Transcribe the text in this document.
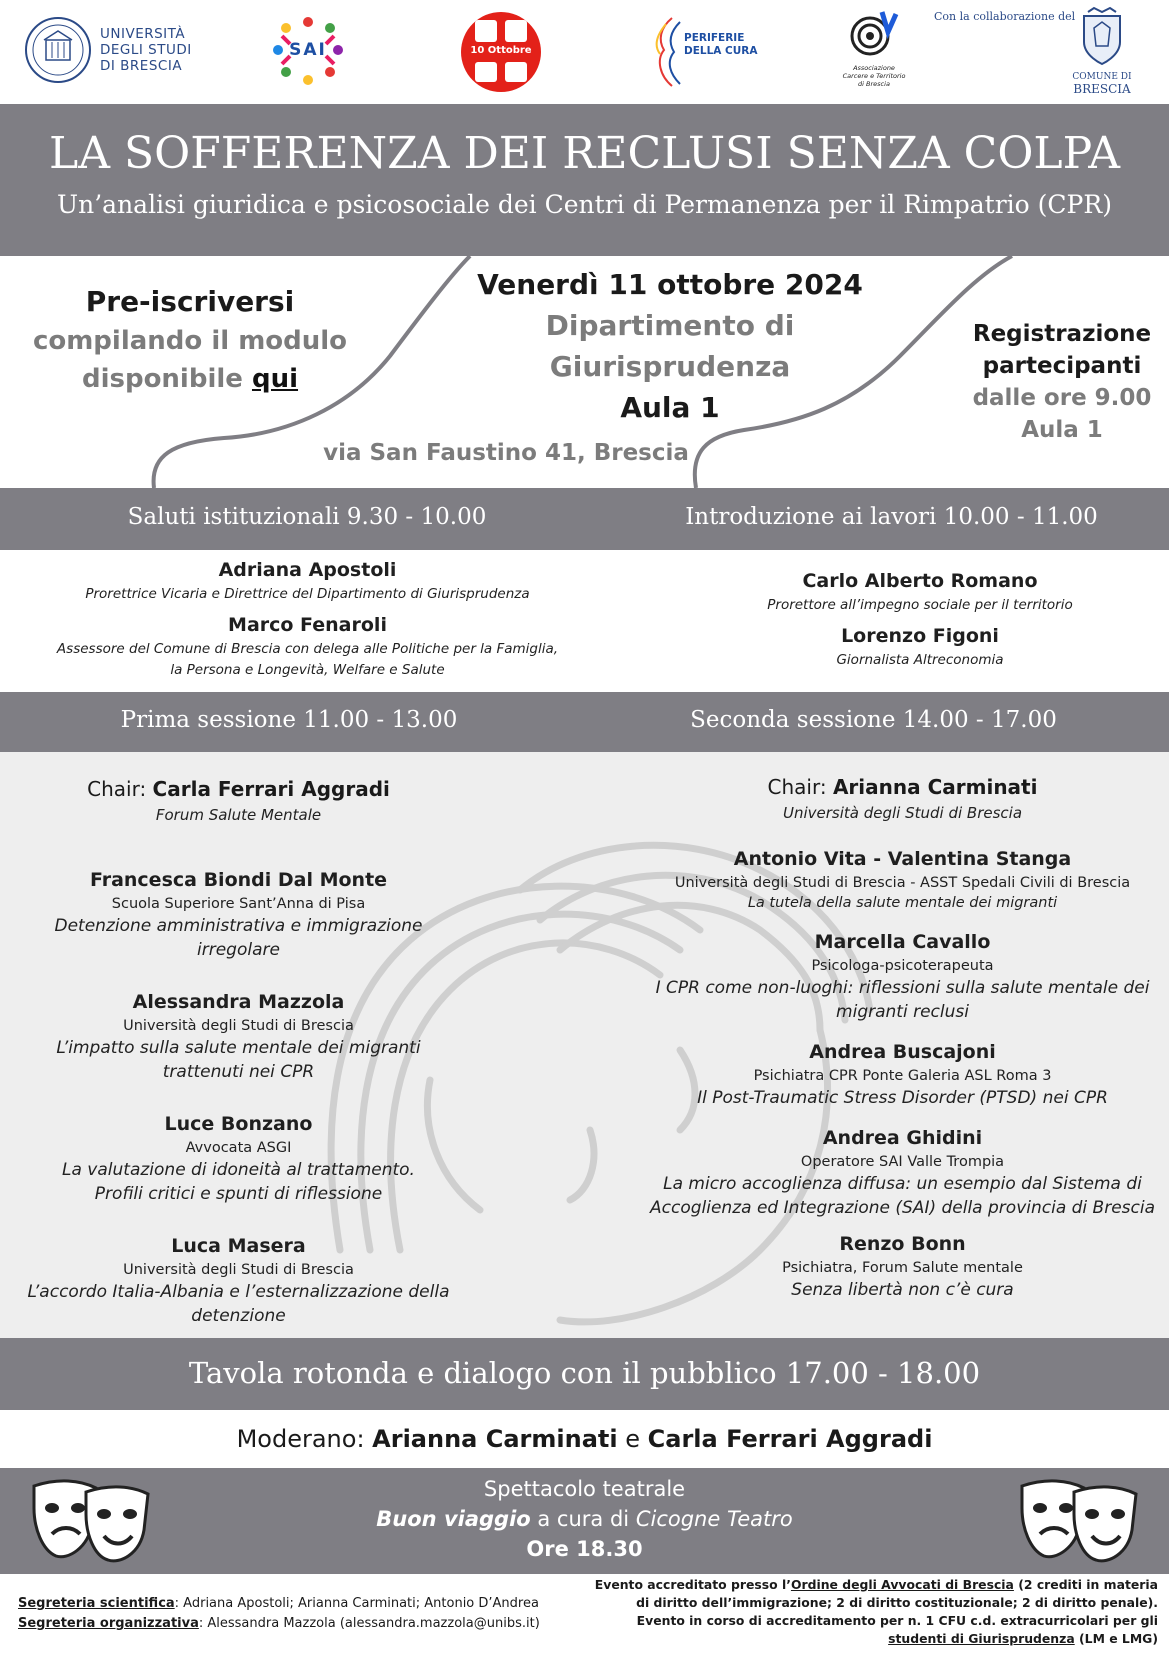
UNIVERSITÀ
DEGLI STUDI
DI BRESCIA
SAI	10 Ottobre
PERIFERIE
DELLA CURA
Associazione
Carcere e Territorio
di Brescia
Con la collaborazione del
COMUNE DI
BRESCIA
LA SOFFERENZA DEI RECLUSI SENZA COLPA
Un’analisi giuridica e psicosociale dei Centri di Permanenza per il Rimpatrio (CPR)
Pre-iscriversi
compilando il modulo
disponibile qui
Venerdì 11 ottobre 2024
Dipartimento di
Giurisprudenza
Aula 1
via San Faustino 41, Brescia
Registrazione
partecipanti
dalle ore 9.00
Aula 1
Saluti istituzionali 9.30 - 10.00	Introduzione ai lavori 10.00 - 11.00
Adriana Apostoli
Prorettrice Vicaria e Direttrice del Dipartimento di Giurisprudenza
Marco Fenaroli
Assessore del Comune di Brescia con delega alle Politiche per la Famiglia,
la Persona e Longevità, Welfare e Salute
Carlo Alberto Romano
Prorettore all’impegno sociale per il territorio
Lorenzo Figoni
Giornalista Altreconomia
Prima sessione 11.00 - 13.00	Seconda sessione 14.00 - 17.00
Chair: Carla Ferrari Aggradi
Forum Salute Mentale
Francesca Biondi Dal Monte
Scuola Superiore Sant’Anna di Pisa
Detenzione amministrativa e immigrazione irregolare
Alessandra Mazzola
Università degli Studi di Brescia
L’impatto sulla salute mentale dei migranti
trattenuti nei CPR
Luce Bonzano
Avvocata ASGI
La valutazione di idoneità al trattamento.
Profili critici e spunti di riflessione
Luca Masera
Università degli Studi di Brescia
L’accordo Italia-Albania e l’esternalizzazione della
detenzione
Chair: Arianna Carminati
Università degli Studi di Brescia
Antonio Vita - Valentina Stanga
Università degli Studi di Brescia - ASST Spedali Civili di Brescia
La tutela della salute mentale dei migranti
Marcella Cavallo
Psicologa-psicoterapeuta
I CPR come non-luoghi: riflessioni sulla salute mentale dei
migranti reclusi
Andrea Buscajoni
Psichiatra CPR Ponte Galeria ASL Roma 3
Il Post-Traumatic Stress Disorder (PTSD) nei CPR
Andrea Ghidini
Operatore SAI Valle Trompia
La micro accoglienza diffusa: un esempio dal Sistema di
Accoglienza ed Integrazione (SAI) della provincia di Brescia
Renzo Bonn
Psichiatra, Forum Salute mentale
Senza libertà non c’è cura
Tavola rotonda e dialogo con il pubblico 17.00 - 18.00
Moderano: Arianna Carminati e Carla Ferrari Aggradi
Spettacolo teatrale
Buon viaggio a cura di Cicogne Teatro
Ore 18.30
Segreteria scientifica: Adriana Apostoli; Arianna Carminati; Antonio D’Andrea
Segreteria organizzativa: Alessandra Mazzola (alessandra.mazzola@unibs.it)
Evento accreditato presso l’Ordine degli Avvocati di Brescia (2 crediti in materia
di diritto dell’immigrazione; 2 di diritto costituzionale; 2 di diritto penale).
Evento in corso di accreditamento per n. 1 CFU c.d. extracurricolari per gli
studenti di Giurisprudenza (LM e LMG)
